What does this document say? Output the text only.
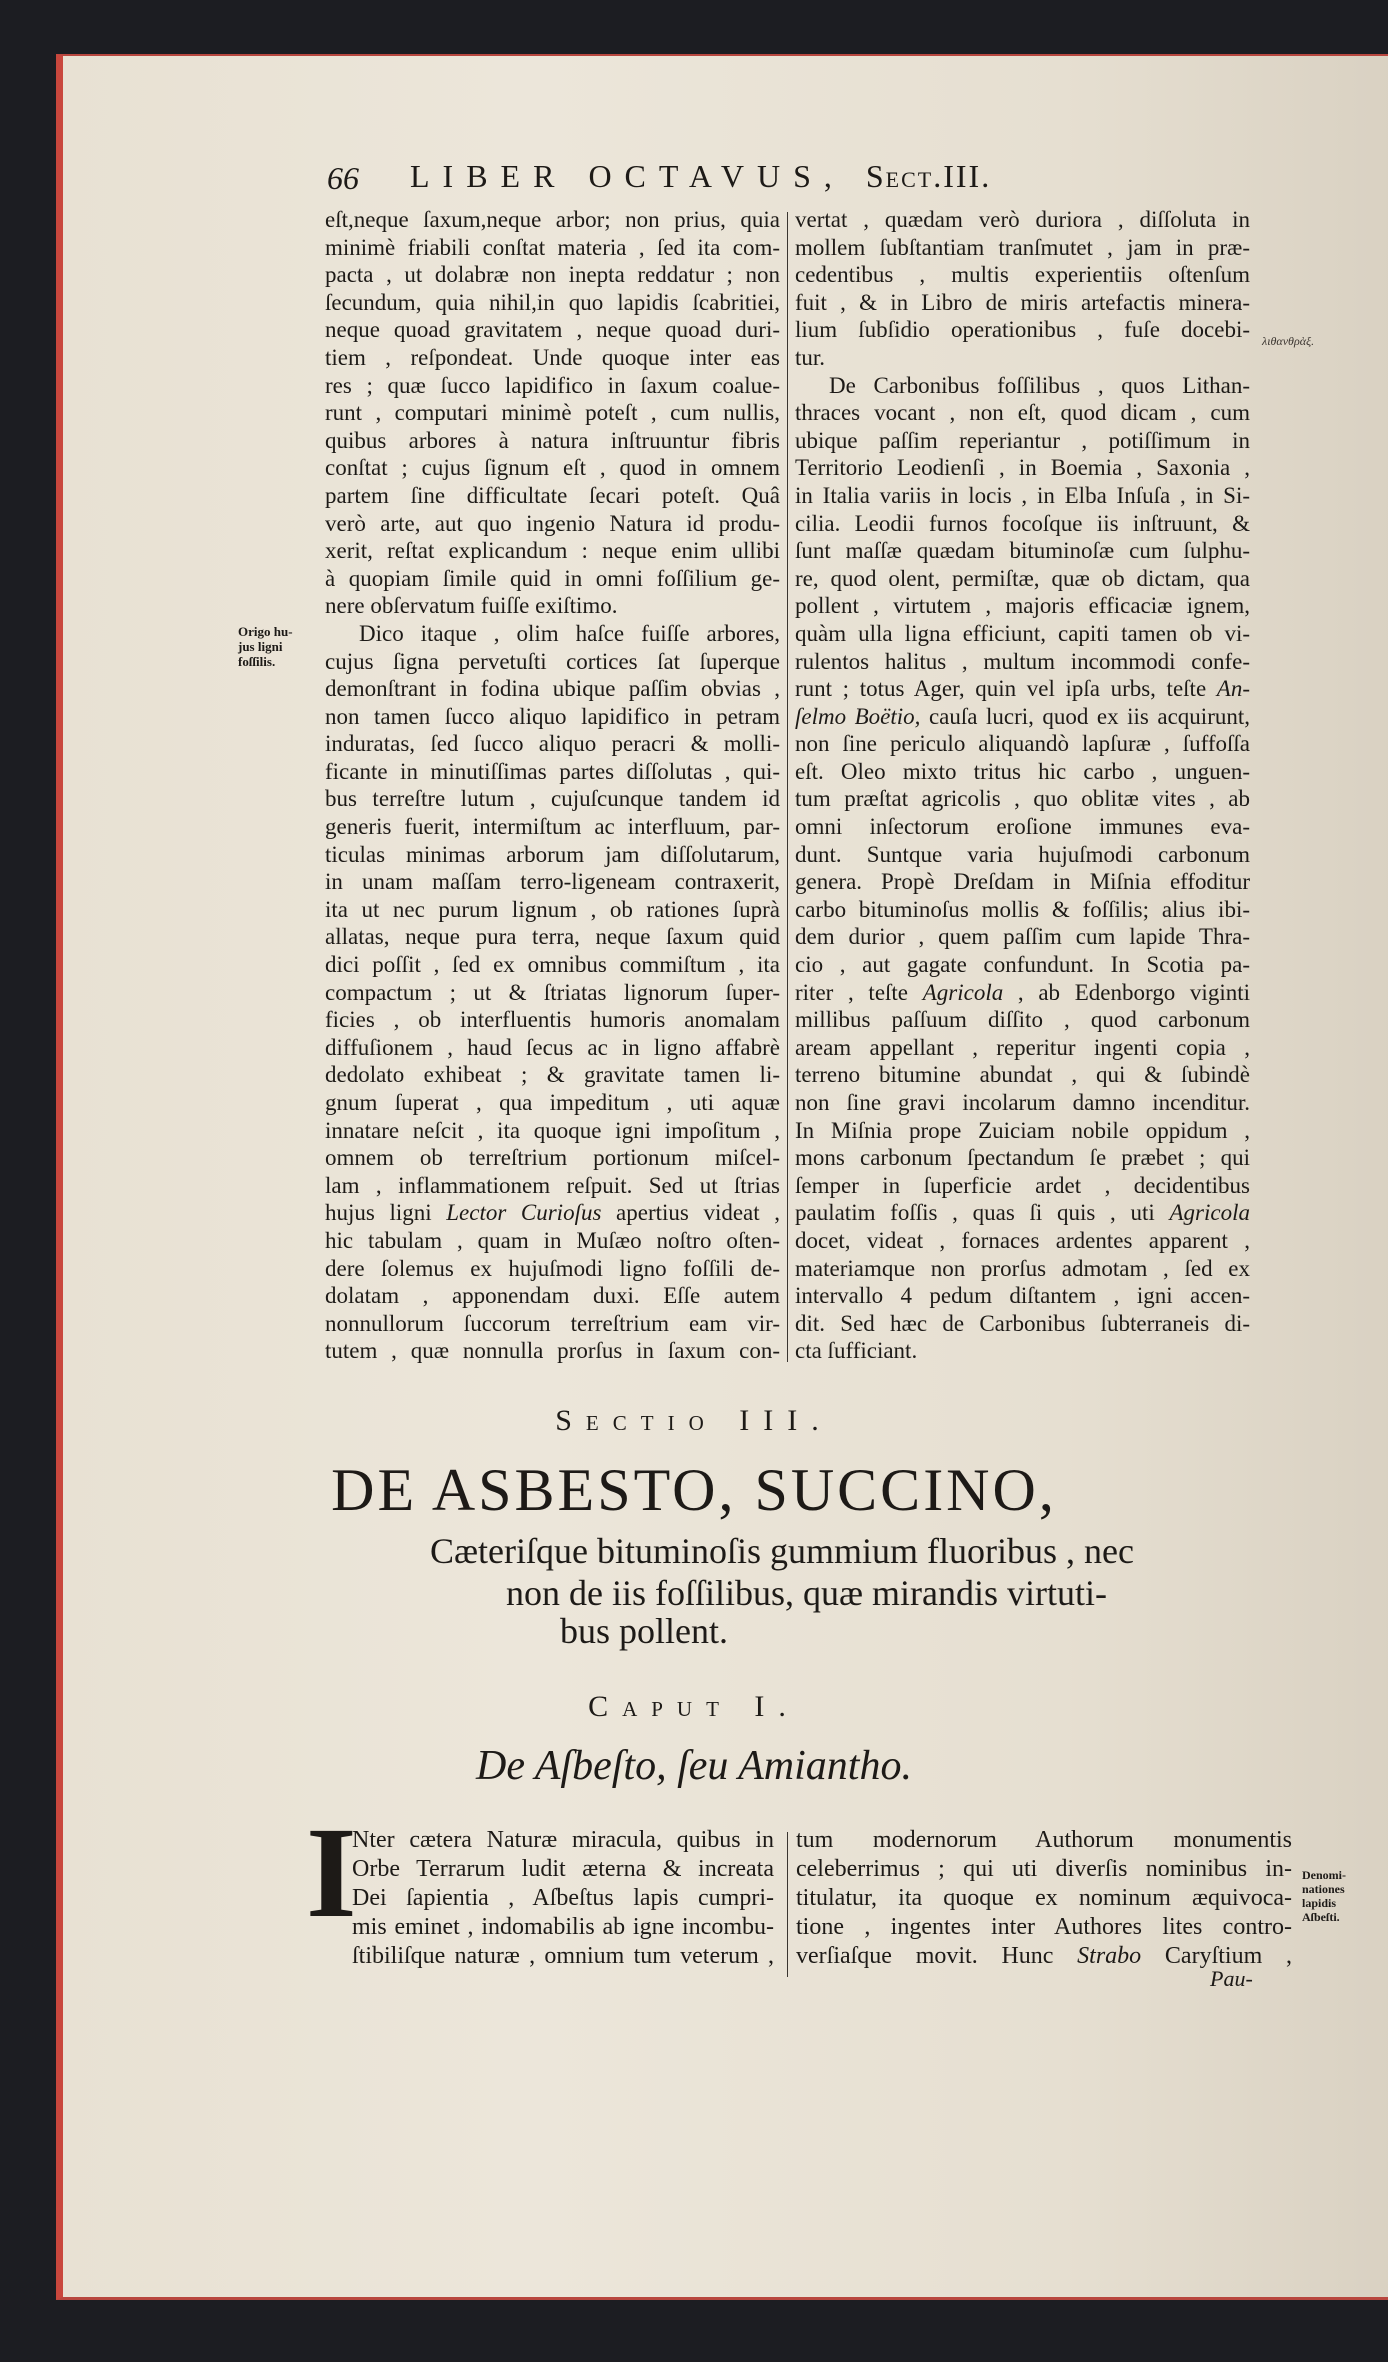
66 LIBER OCTAVUS, Sect.III.
eſt,neque ſaxum,neque arbor; non prius, quia
minimè friabili conſtat materia , ſed ita com-
pacta , ut dolabræ non inepta reddatur ; non
ſecundum, quia nihil,in quo lapidis ſcabritiei,
neque quoad gravitatem , neque quoad duri-
tiem , reſpondeat. Unde quoque inter eas
res ; quæ ſucco lapidifico in ſaxum coalue-
runt , computari minimè poteſt , cum nullis,
quibus arbores à natura inſtruuntur fibris
conſtat ; cujus ſignum eſt , quod in omnem
partem ſine difficultate ſecari poteſt. Quâ
verò arte, aut quo ingenio Natura id produ-
xerit, reſtat explicandum : neque enim ullibi
à quopiam ſimile quid in omni foſſilium ge-
nere obſervatum fuiſſe exiſtimo.
Dico itaque , olim haſce fuiſſe arbores,
cujus ſigna pervetuſti cortices ſat ſuperque
demonſtrant in fodina ubique paſſim obvias ,
non tamen ſucco aliquo lapidifico in petram
induratas, ſed ſucco aliquo peracri & molli-
ficante in minutiſſimas partes diſſolutas , qui-
bus terreſtre lutum , cujuſcunque tandem id
generis fuerit, intermiſtum ac interfluum, par-
ticulas minimas arborum jam diſſolutarum,
in unam maſſam terro-ligeneam contraxerit,
ita ut nec purum lignum , ob rationes ſuprà
allatas, neque pura terra, neque ſaxum quid
dici poſſit , ſed ex omnibus commiſtum , ita
compactum ; ut & ſtriatas lignorum ſuper-
ficies , ob interfluentis humoris anomalam
diffuſionem , haud ſecus ac in ligno affabrè
dedolato exhibeat ; & gravitate tamen li-
gnum ſuperat , qua impeditum , uti aquæ
innatare neſcit , ita quoque igni impoſitum ,
omnem ob terreſtrium portionum miſcel-
lam , inflammationem reſpuit. Sed ut ſtrias
hujus ligni Lector Curioſus apertius videat ,
hic tabulam , quam in Muſæo noſtro oſten-
dere ſolemus ex hujuſmodi ligno foſſili de-
dolatam , apponendam duxi. Eſſe autem
nonnullorum ſuccorum terreſtrium eam vir-
tutem , quæ nonnulla prorſus in ſaxum con-
vertat , quædam verò duriora , diſſoluta in
mollem ſubſtantiam tranſmutet , jam in præ-
cedentibus , multis experientiis oſtenſum
fuit , & in Libro de miris artefactis minera-
lium ſubſidio operationibus , fuſe docebi-
tur.
De Carbonibus foſſilibus , quos Lithan-
thraces vocant , non eſt, quod dicam , cum
ubique paſſim reperiantur , potiſſimum in
Territorio Leodienſi , in Boemia , Saxonia ,
in Italia variis in locis , in Elba Inſuſa , in Si-
cilia. Leodii furnos focoſque iis inſtruunt, &
ſunt maſſæ quædam bituminoſæ cum ſulphu-
re, quod olent, permiſtæ, quæ ob dictam, qua
pollent , virtutem , majoris efficaciæ ignem,
quàm ulla ligna efficiunt, capiti tamen ob vi-
rulentos halitus , multum incommodi confe-
runt ; totus Ager, quin vel ipſa urbs, teſte An-
ſelmo Boëtio, cauſa lucri, quod ex iis acquirunt,
non ſine periculo aliquandò lapſuræ , ſuffoſſa
eſt. Oleo mixto tritus hic carbo , unguen-
tum præſtat agricolis , quo oblitæ vites , ab
omni inſectorum eroſione immunes eva-
dunt. Suntque varia hujuſmodi carbonum
genera. Propè Dreſdam in Miſnia effoditur
carbo bituminoſus mollis & foſſilis; alius ibi-
dem durior , quem paſſim cum lapide Thra-
cio , aut gagate confundunt. In Scotia pa-
riter , teſte Agricola , ab Edenborgo viginti
millibus paſſuum diſſito , quod carbonum
aream appellant , reperitur ingenti copia ,
terreno bitumine abundat , qui & ſubindè
non ſine gravi incolarum damno incenditur.
In Miſnia prope Zuiciam nobile oppidum ,
mons carbonum ſpectandum ſe præbet ; qui
ſemper in ſuperficie ardet , decidentibus
paulatim foſſis , quas ſi quis , uti Agricola
docet, videat , fornaces ardentes apparent ,
materiamque non prorſus admotam , ſed ex
intervallo 4 pedum diſtantem , igni accen-
dit. Sed hæc de Carbonibus ſubterraneis di-
cta ſufficiant.
Origo hu-
jus ligni
foſſilis.
λιθανθρὰξ.
Sectio III.
DE ASBESTO, SUCCINO,
Cæteriſque bituminoſis gummium fluoribus , nec
non de iis foſſilibus, quæ mirandis virtuti-
bus pollent.
Caput I.
De Aſbeſto, ſeu Amiantho.
I
Nter cætera Naturæ miracula, quibus in
Orbe Terrarum ludit æterna & increata
Dei ſapientia , Aſbeſtus lapis cumpri-
mis eminet , indomabilis ab igne incombu-
ſtibiliſque naturæ , omnium tum veterum ,
tum modernorum Authorum monumentis
celeberrimus ; qui uti diverſis nominibus in-
titulatur, ita quoque ex nominum æquivoca-
tione , ingentes inter Authores lites contro-
verſiaſque movit. Hunc Strabo Caryſtium ,
Denomi-
nationes
lapidis
Aſbeſti.
Pau-
